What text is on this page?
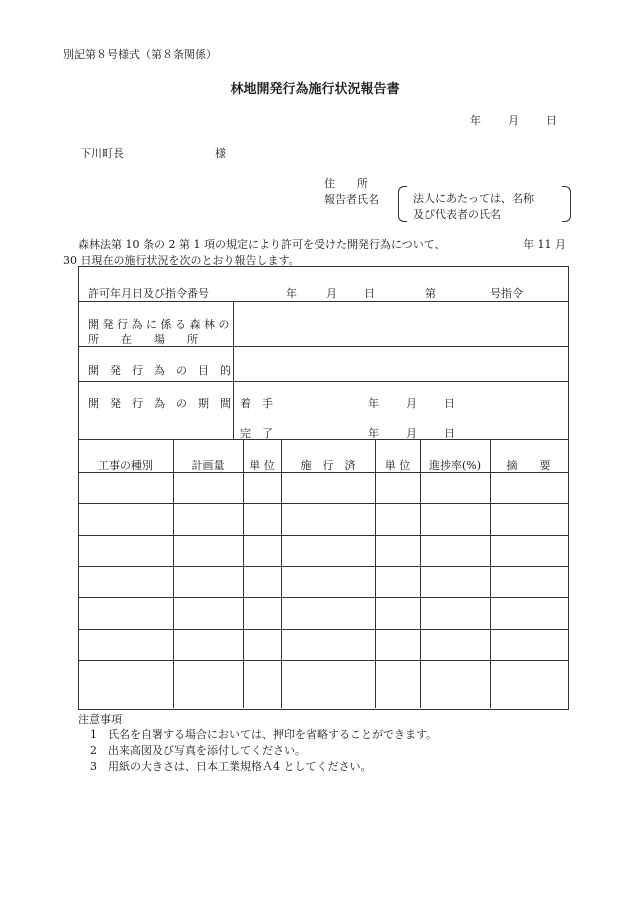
別記第８号様式（第８条関係）
林地開発行為施行状況報告書
年 月 日
下川町長	様
住　　所
報告者氏名	法人にあたっては、名称
及び代表者の氏名
森林法第 10 条の 2 第 1 項の規定により許可を受けた開発行為について、	年 11 月
30 日現在の施行状況を次のとおり報告します。
許可年月日及び指令番号	年	月 日	第	号指令
開 発 行 為 に 係 る 森 林 の
所　　在　　場　　所
開　発　行　為　の　目　的
開　発　行　為　の　期　間 着　手	年 月 日
完　了	年 月 日
工事の種別	計画量	単 位	施　行　済	単 位	進捗率(%)	摘　　要
注意事項
1　氏名を自署する場合においては、押印を省略することができます。
2　出来高図及び写真を添付してください。
3　用紙の大きさは、日本工業規格Ａ4 としてください。
